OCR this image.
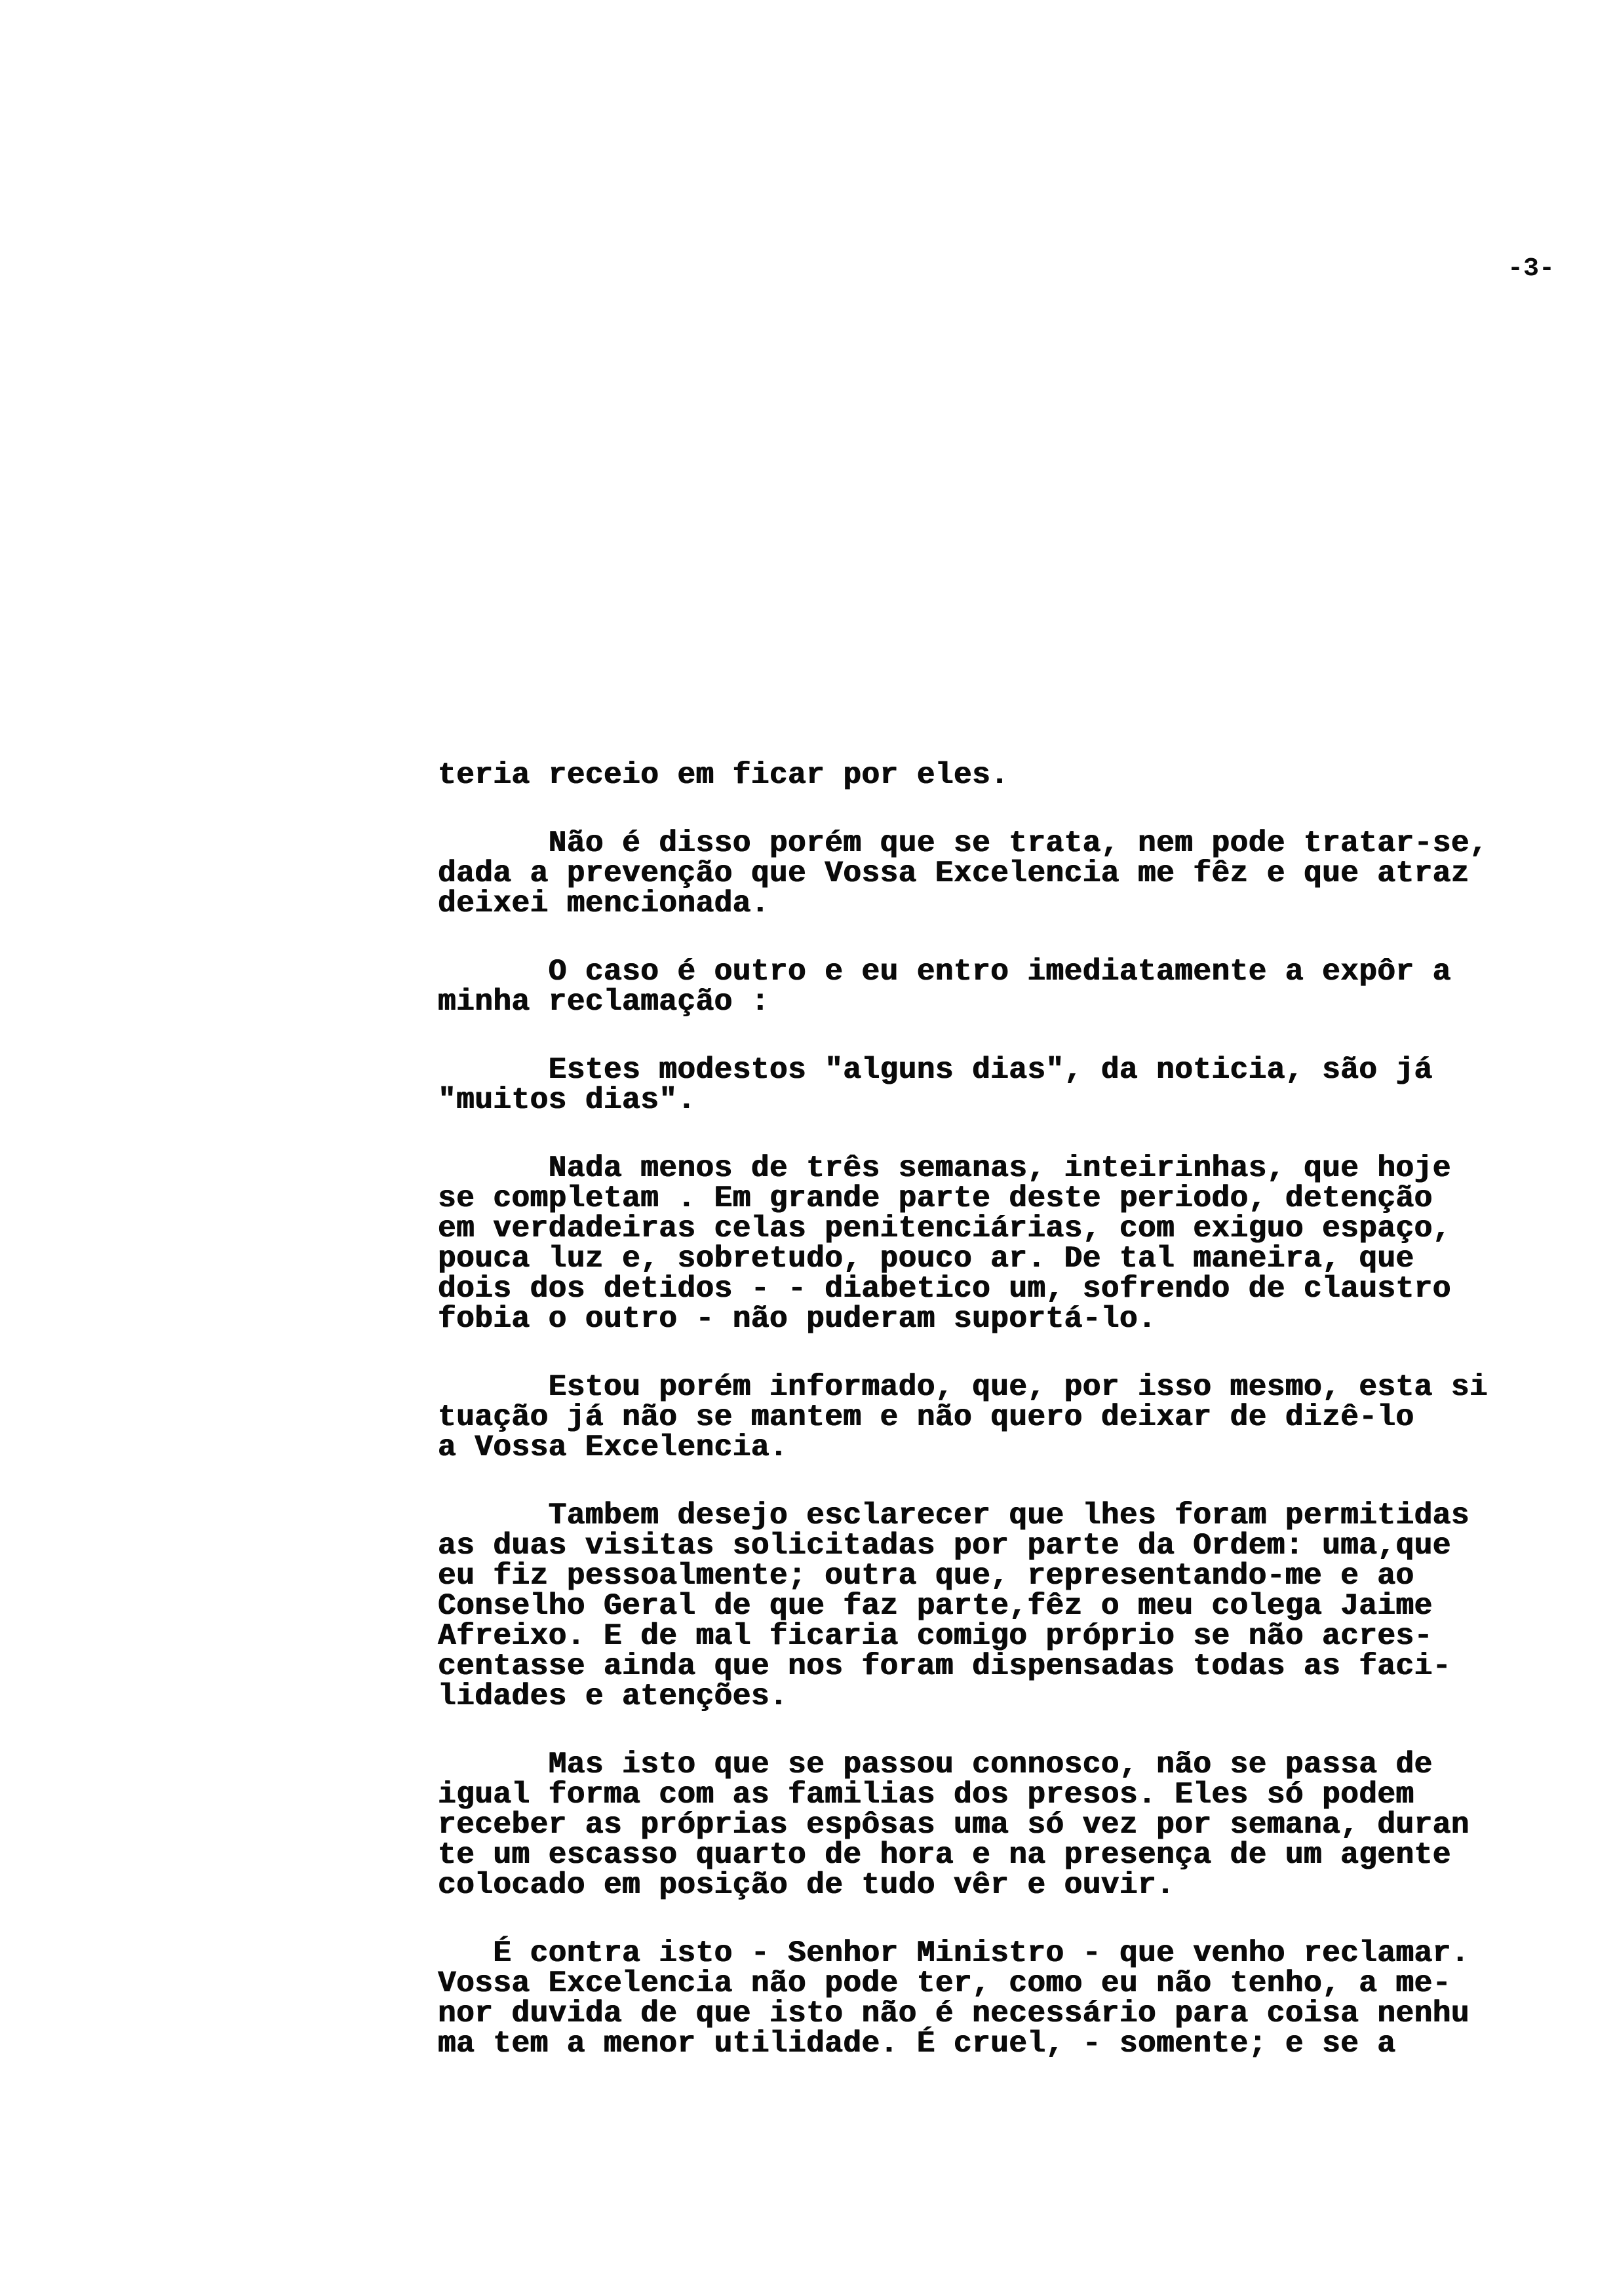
-3-
teria receio em ficar por eles.
Não é disso porém que se trata, nem pode tratar-se,
dada a prevenção que Vossa Excelencia me fêz e que atraz
deixei mencionada.
O caso é outro e eu entro imediatamente a expôr a
minha reclamação :
Estes modestos "alguns dias", da noticia, são já
"muitos dias".
Nada menos de três semanas, inteirinhas, que hoje
se completam . Em grande parte deste periodo, detenção
em verdadeiras celas penitenciárias, com exiguo espaço,
pouca luz e, sobretudo, pouco ar. De tal maneira, que
dois dos detidos - - diabetico um, sofrendo de claustro
fobia o outro - não puderam suportá-lo.
Estou porém informado, que, por isso mesmo, esta si
tuação já não se mantem e não quero deixar de dizê-lo
a Vossa Excelencia.
Tambem desejo esclarecer que lhes foram permitidas
as duas visitas solicitadas por parte da Ordem: uma,que
eu fiz pessoalmente; outra que, representando-me e ao
Conselho Geral de que faz parte,fêz o meu colega Jaime
Afreixo. E de mal ficaria comigo próprio se não acres-
centasse ainda que nos foram dispensadas todas as faci-
lidades e atenções.
Mas isto que se passou connosco, não se passa de
igual forma com as familias dos presos. Eles só podem
receber as próprias espôsas uma só vez por semana, duran
te um escasso quarto de hora e na presença de um agente
colocado em posição de tudo vêr e ouvir.
É contra isto - Senhor Ministro - que venho reclamar.
Vossa Excelencia não pode ter, como eu não tenho, a me-
nor duvida de que isto não é necessário para coisa nenhu
ma tem a menor utilidade. É cruel, - somente; e se a
